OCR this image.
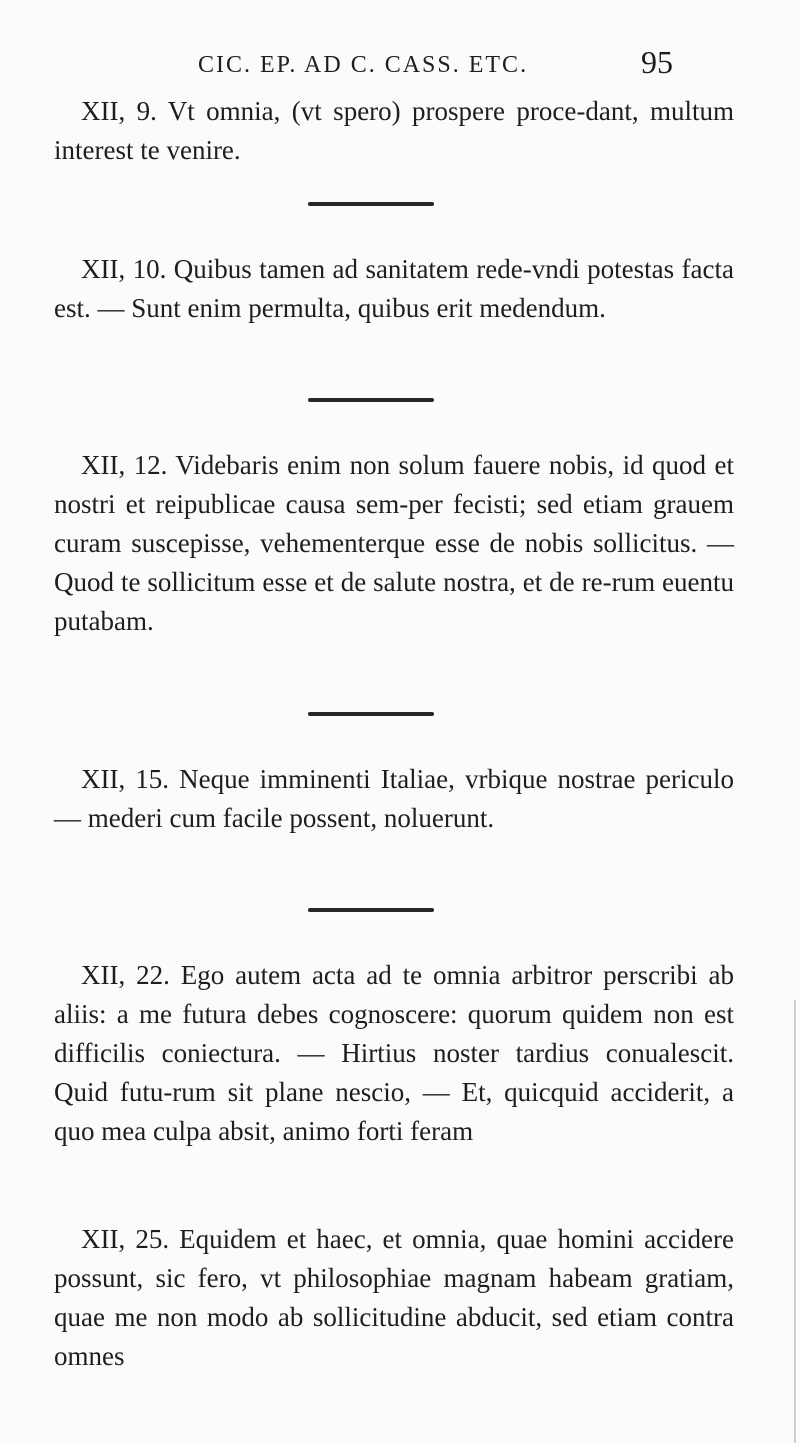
CIC. EP. AD C. CASS. ETC.	95

XII, 9. Vt omnia, (vt spero) prospere proce-dant, multum interest te venire.

XII, 10. Quibus tamen ad sanitatem rede-vndi potestas facta est. — Sunt enim permulta, quibus erit medendum.

XII, 12. Videbaris enim non solum fauere nobis, id quod et nostri et reipublicae causa sem-per fecisti; sed etiam grauem curam suscepisse, vehementerque esse de nobis sollicitus. — Quod te sollicitum esse et de salute nostra, et de re-rum euentu putabam.

XII, 15. Neque imminenti Italiae, vrbique nostrae periculo — mederi cum facile possent, noluerunt.

XII, 22. Ego autem acta ad te omnia arbitror perscribi ab aliis: a me futura debes cognoscere: quorum quidem non est difficilis coniectura. — Hirtius noster tardius conualescit. Quid futu-rum sit plane nescio, — Et, quicquid acciderit, a quo mea culpa absit, animo forti feram

XII, 25. Equidem et haec, et omnia, quae homini accidere possunt, sic fero, vt philosophiae magnam habeam gratiam, quae me non modo ab sollicitudine abducit, sed etiam contra omnes
